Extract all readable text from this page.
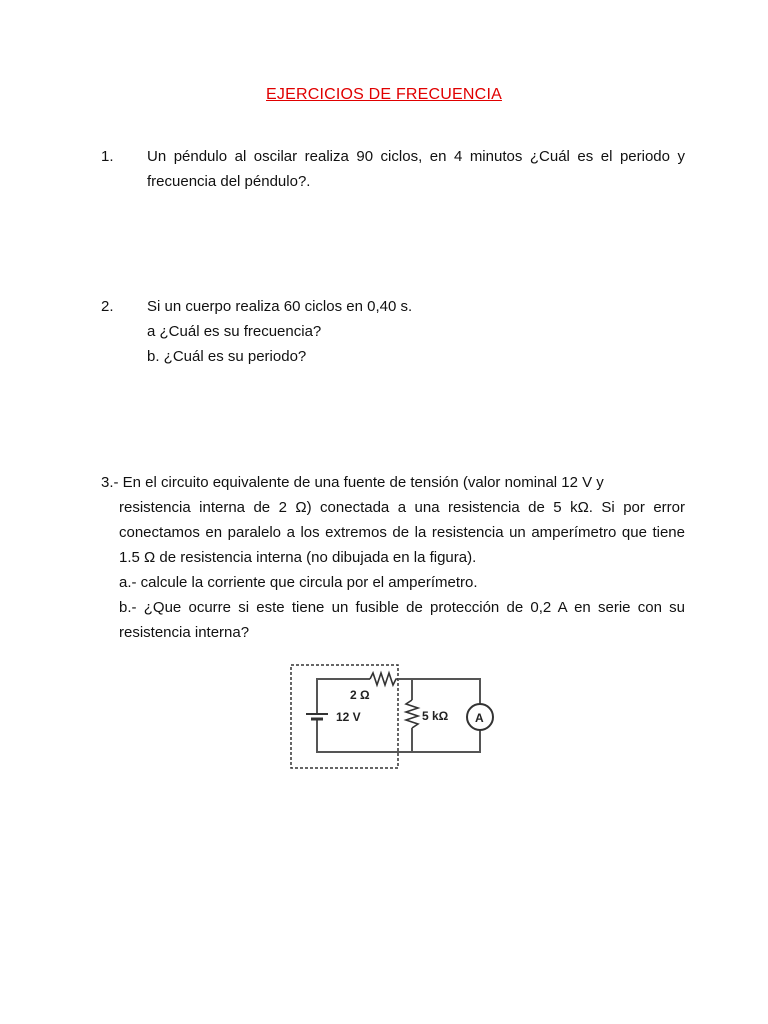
EJERCICIOS DE FRECUENCIA
1. Un péndulo al oscilar realiza 90 ciclos, en 4 minutos ¿Cuál es el periodo y frecuencia del péndulo?.
2. Si un cuerpo realiza 60 ciclos en 0,40 s.
a ¿Cuál es su frecuencia?
b. ¿Cuál es su periodo?
3.- En el circuito equivalente de una fuente de tensión (valor nominal 12 V y
resistencia interna de 2 Ω) conectada a una resistencia de 5 kΩ. Si por error conectamos en paralelo a los extremos de la resistencia un amperímetro que tiene 1.5 Ω de resistencia interna (no dibujada en la figura).
a.- calcule la corriente que circula por el amperímetro.
b.- ¿Que ocurre si este tiene un fusible de protección de 0,2 A en serie con su resistencia interna?
2 Ω
12 V	5 kΩ A
